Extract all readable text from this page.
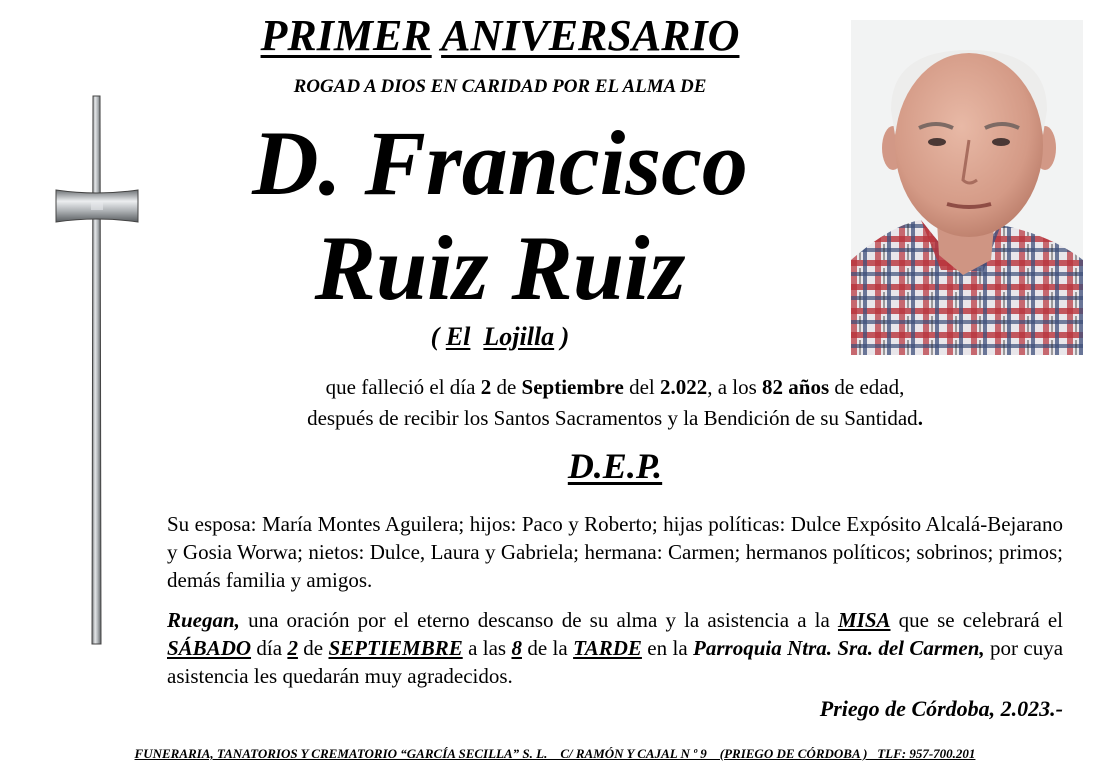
PRIMER ANIVERSARIO
ROGAD A DIOS EN CARIDAD POR EL ALMA DE
D. Francisco
Ruiz Ruiz
( El Lojilla )
que falleció el día 2 de Septiembre del 2.022, a los 82 años de edad,
después de recibir los Santos Sacramentos y la Bendición de su Santidad.
D.E.P.
Su esposa: María Montes Aguilera; hijos: Paco y Roberto; hijas políticas: Dulce Expósito Alcalá-Bejarano y Gosia Worwa; nietos: Dulce, Laura y Gabriela; hermana: Carmen; hermanos políticos; sobrinos; primos; demás familia y amigos.
Ruegan, una oración por el eterno descanso de su alma y la asistencia a la MISA que se celebrará el SÁBADO día 2 de SEPTIEMBRE a las 8 de la TARDE en la Parroquia Ntra. Sra. del Carmen, por cuya asistencia les quedarán muy agradecidos.
Priego de Córdoba, 2.023.-
FUNERARIA, TANATORIOS Y CREMATORIO “GARCÍA SECILLA” S. L.    C/ RAMÓN Y CAJAL N º 9    (PRIEGO DE CÓRDOBA )   TLF: 957-700.201
